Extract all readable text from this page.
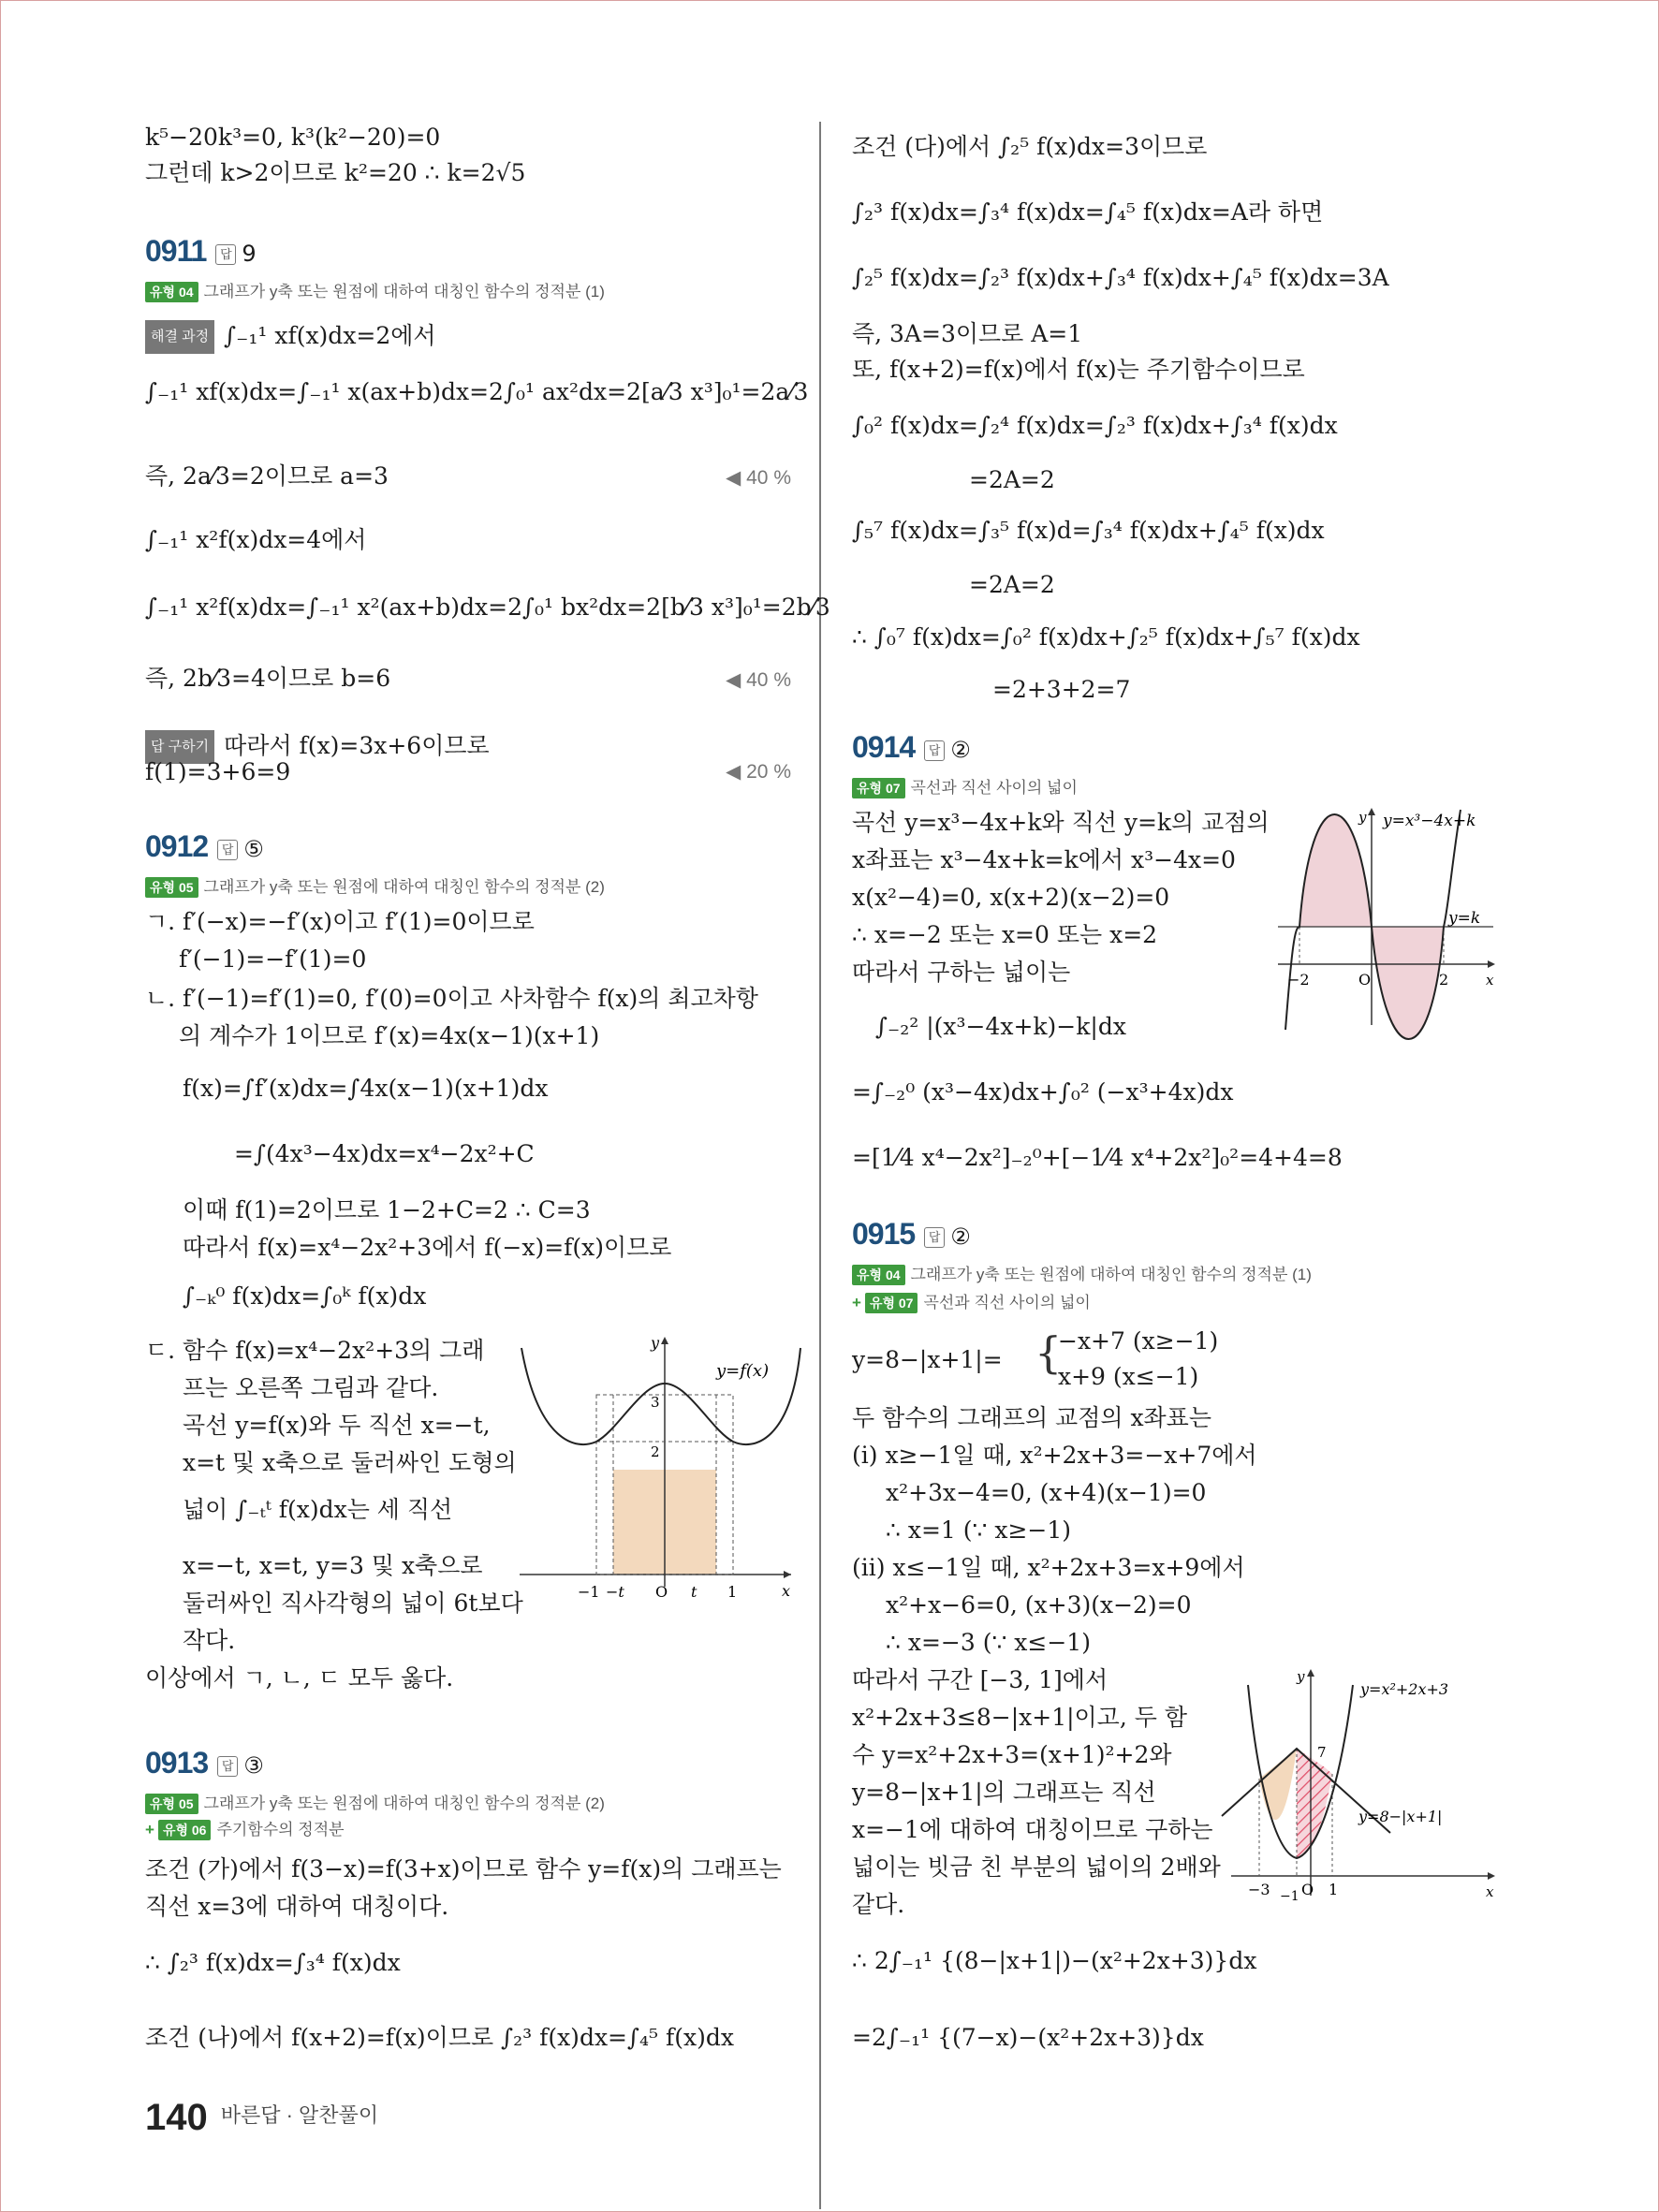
k⁵−20k³=0, k³(k²−20)=0
그런데 k>2이므로 k²=20 ∴ k=2√5
0911 답 9
유형 04 그래프가 y축 또는 원점에 대하여 대칭인 함수의 정적분 (1)
해결 과정 ∫₋₁¹ xf(x)dx=2에서
∫₋₁¹ xf(x)dx=∫₋₁¹ x(ax+b)dx=2∫₀¹ ax²dx=2[a⁄3 x³]₀¹=2a⁄3
즉, 2a⁄3=2이므로 a=3	◀ 40 %
∫₋₁¹ x²f(x)dx=4에서
∫₋₁¹ x²f(x)dx=∫₋₁¹ x²(ax+b)dx=2∫₀¹ bx²dx=2[b⁄3 x³]₀¹=2b⁄3
즉, 2b⁄3=4이므로 b=6	◀ 40 %
답 구하기 따라서 f(x)=3x+6이므로
f(1)=3+6=9	◀ 20 %
0912 답 ⑤
유형 05 그래프가 y축 또는 원점에 대하여 대칭인 함수의 정적분 (2)
ㄱ. f′(−x)=−f′(x)이고 f′(1)=0이므로
f′(−1)=−f′(1)=0
ㄴ. f′(−1)=f′(1)=0, f′(0)=0이고 사차함수 f(x)의 최고차항
의 계수가 1이므로 f′(x)=4x(x−1)(x+1)
f(x)=∫f′(x)dx=∫4x(x−1)(x+1)dx
=∫(4x³−4x)dx=x⁴−2x²+C
이때 f(1)=2이므로 1−2+C=2 ∴ C=3
따라서 f(x)=x⁴−2x²+3에서 f(−x)=f(x)이므로
∫₋ₖ⁰ f(x)dx=∫₀ᵏ f(x)dx
ㄷ. 함수 f(x)=x⁴−2x²+3의 그래
프는 오른쪽 그림과 같다.
곡선 y=f(x)와 두 직선 x=−t,
x=t 및 x축으로 둘러싸인 도형의
넓이 ∫₋ₜᵗ f(x)dx는 세 직선
x=−t, x=t, y=3 및 x축으로
둘러싸인 직사각형의 넓이 6t보다
작다.
이상에서 ㄱ, ㄴ, ㄷ 모두 옳다.
y=f(x)
y
x
3
2
−1 −t O t 1
0913 답 ③
유형 05 그래프가 y축 또는 원점에 대하여 대칭인 함수의 정적분 (2)
+ 유형 06 주기함수의 정적분
조건 (가)에서 f(3−x)=f(3+x)이므로 함수 y=f(x)의 그래프는
직선 x=3에 대하여 대칭이다.
∴ ∫₂³ f(x)dx=∫₃⁴ f(x)dx
조건 (나)에서 f(x+2)=f(x)이므로 ∫₂³ f(x)dx=∫₄⁵ f(x)dx
조건 (다)에서 ∫₂⁵ f(x)dx=3이므로
∫₂³ f(x)dx=∫₃⁴ f(x)dx=∫₄⁵ f(x)dx=A라 하면
∫₂⁵ f(x)dx=∫₂³ f(x)dx+∫₃⁴ f(x)dx+∫₄⁵ f(x)dx=3A
즉, 3A=3이므로 A=1
또, f(x+2)=f(x)에서 f(x)는 주기함수이므로
∫₀² f(x)dx=∫₂⁴ f(x)dx=∫₂³ f(x)dx+∫₃⁴ f(x)dx
=2A=2
∫₅⁷ f(x)dx=∫₃⁵ f(x)d=∫₃⁴ f(x)dx+∫₄⁵ f(x)dx
=2A=2
∴ ∫₀⁷ f(x)dx=∫₀² f(x)dx+∫₂⁵ f(x)dx+∫₅⁷ f(x)dx
=2+3+2=7
0914 답 ②
유형 07 곡선과 직선 사이의 넓이
곡선 y=x³−4x+k와 직선 y=k의 교점의
x좌표는 x³−4x+k=k에서 x³−4x=0
x(x²−4)=0, x(x+2)(x−2)=0
∴ x=−2 또는 x=0 또는 x=2
따라서 구하는 넓이는
∫₋₂² |(x³−4x+k)−k|dx
=∫₋₂⁰ (x³−4x)dx+∫₀² (−x³+4x)dx
=[1⁄4 x⁴−2x²]₋₂⁰+[−1⁄4 x⁴+2x²]₀²=4+4=8
y=x³−4x+k
y=k
y
x
−2	O	2
0915 답 ②
유형 04 그래프가 y축 또는 원점에 대하여 대칭인 함수의 정적분 (1)
+ 유형 07 곡선과 직선 사이의 넓이
y=8−|x+1|= {
−x+7 (x≥−1)
x+9 (x≤−1)
두 함수의 그래프의 교점의 x좌표는
(ⅰ) x≥−1일 때, x²+2x+3=−x+7에서
x²+3x−4=0, (x+4)(x−1)=0
∴ x=1 (∵ x≥−1)
(ⅱ) x≤−1일 때, x²+2x+3=x+9에서
x²+x−6=0, (x+3)(x−2)=0
∴ x=−3 (∵ x≤−1)
따라서 구간 [−3, 1]에서
x²+2x+3≤8−|x+1|이고, 두 함
수 y=x²+2x+3=(x+1)²+2와
y=8−|x+1|의 그래프는 직선
x=−1에 대하여 대칭이므로 구하는
넓이는 빗금 친 부분의 넓이의 2배와
같다.
∴ 2∫₋₁¹ {(8−|x+1|)−(x²+2x+3)}dx
=2∫₋₁¹ {(7−x)−(x²+2x+3)}dx
y=x²+2x+3
y=8−|x+1|
y
x
7
−3 −1 O 1
140 바른답 · 알찬풀이
